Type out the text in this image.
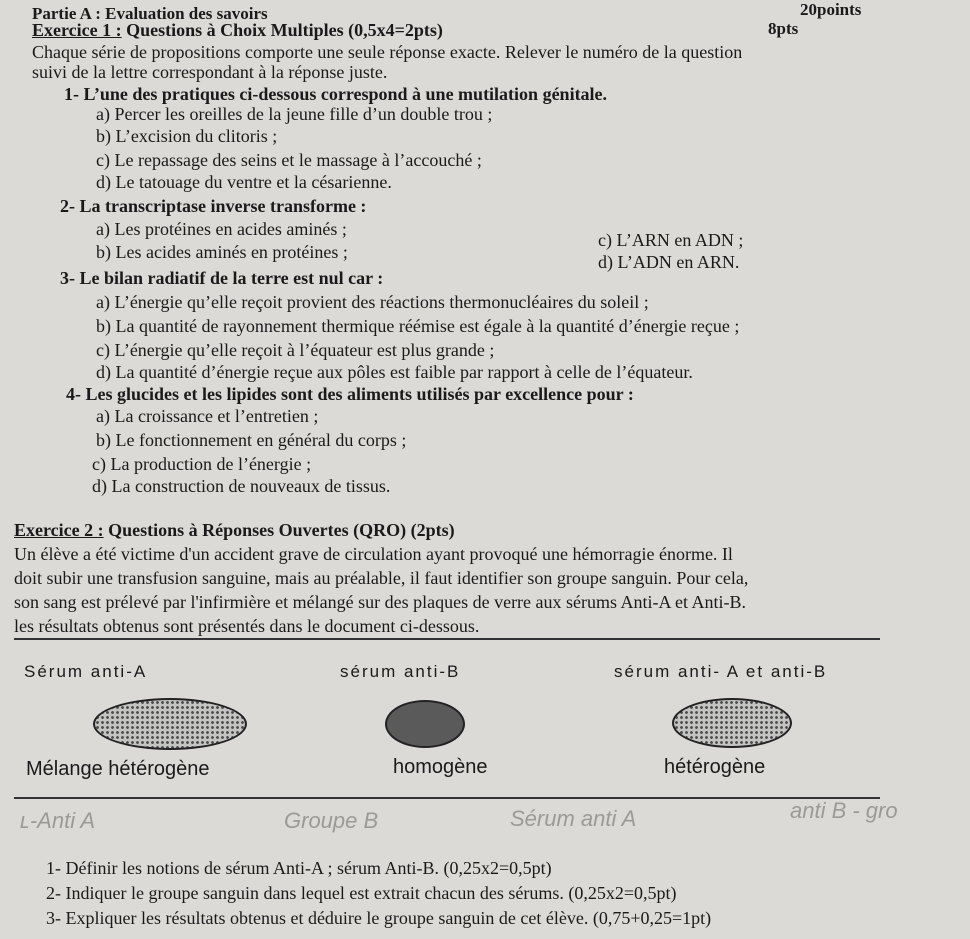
Partie A : Evaluation des savoirs	20points
8pts
Exercice 1 : Questions à Choix Multiples (0,5x4=2pts)
Chaque série de propositions comporte une seule réponse exacte. Relever le numéro de la question
suivi de la lettre correspondant à la réponse juste.
1- L’une des pratiques ci-dessous correspond à une mutilation génitale.
a) Percer les oreilles de la jeune fille d’un double trou ;
b) L’excision du clitoris ;
c) Le repassage des seins et le massage à l’accouché ;
d) Le tatouage du ventre et la césarienne.
2- La transcriptase inverse transforme :
a) Les protéines en acides aminés ;
b) Les acides aminés en protéines ;
c) L’ARN en ADN ;
d) L’ADN en ARN.
3- Le bilan radiatif de la terre est nul car :
a) L’énergie qu’elle reçoit provient des réactions thermonucléaires du soleil ;
b) La quantité de rayonnement thermique réémise est égale à la quantité d’énergie reçue ;
c) L’énergie qu’elle reçoit à l’équateur est plus grande ;
d) La quantité d’énergie reçue aux pôles est faible par rapport à celle de l’équateur.
4- Les glucides et les lipides sont des aliments utilisés par excellence pour :
a) La croissance et l’entretien ;
b) Le fonctionnement en général du corps ;
c) La production de l’énergie ;
d) La construction de nouveaux de tissus.
Exercice 2 : Questions à Réponses Ouvertes (QRO) (2pts)
Un élève a été victime d'un accident grave de circulation ayant provoqué une hémorragie énorme. Il
doit subir une transfusion sanguine, mais au préalable, il faut identifier son groupe sanguin. Pour cela,
son sang est prélevé par l'infirmière et mélangé sur des plaques de verre aux sérums Anti-A et Anti-B.
les résultats obtenus sont présentés dans le document ci-dessous.
Sérum anti-A	sérum anti-B	sérum anti- A et anti-B
Mélange hétérogène	homogène	hétérogène
ʟ-Anti A	Groupe B	Sérum anti A	anti B - gro
1- Définir les notions de sérum Anti-A ; sérum Anti-B. (0,25x2=0,5pt)
2- Indiquer le groupe sanguin dans lequel est extrait chacun des sérums. (0,25x2=0,5pt)
3- Expliquer les résultats obtenus et déduire le groupe sanguin de cet élève. (0,75+0,25=1pt)
